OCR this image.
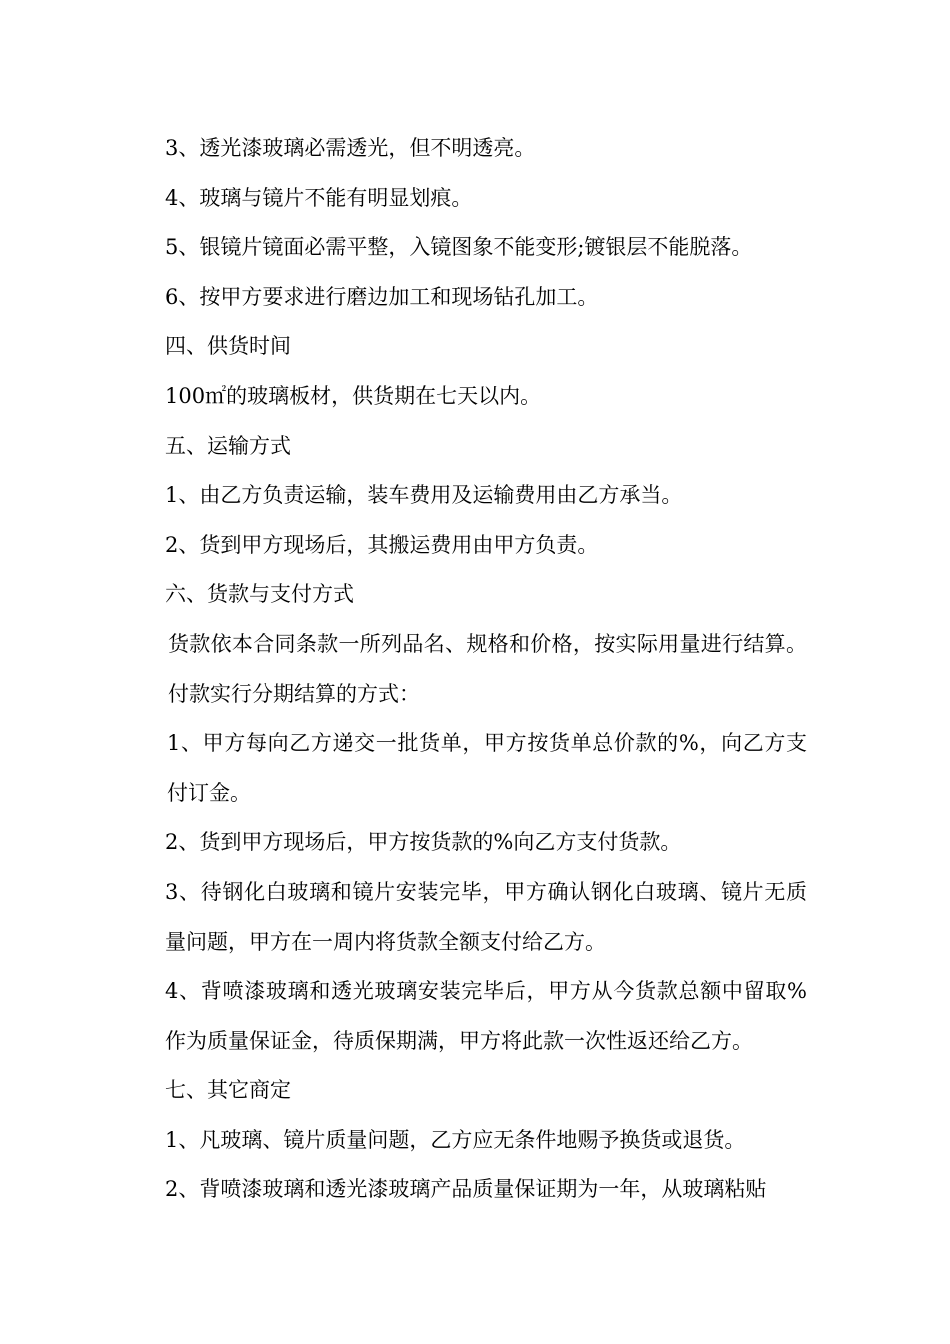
3、透光漆玻璃必需透光，但不明透亮。

4、玻璃与镜片不能有明显划痕。

5、银镜片镜面必需平整，入镜图象不能变形;镀银层不能脱落。

6、按甲方要求进行磨边加工和现场钻孔加工。

四、供货时间

100㎡的玻璃板材，供货期在七天以内。

五、运输方式

1、由乙方负责运输，装车费用及运输费用由乙方承当。

2、货到甲方现场后，其搬运费用由甲方负责。

六、货款与支付方式

货款依本合同条款一所列品名、规格和价格，按实际用量进行结算。付款实行分期结算的方式：

1、甲方每向乙方递交一批货单，甲方按货单总价款的%，向乙方支付订金。

2、货到甲方现场后，甲方按货款的%向乙方支付货款。

3、待钢化白玻璃和镜片安装完毕，甲方确认钢化白玻璃、镜片无质量问题，甲方在一周内将货款全额支付给乙方。

4、背喷漆玻璃和透光玻璃安装完毕后，甲方从今货款总额中留取%作为质量保证金，待质保期满，甲方将此款一次性返还给乙方。

七、其它商定

1、凡玻璃、镜片质量问题，乙方应无条件地赐予换货或退货。

2、背喷漆玻璃和透光漆玻璃产品质量保证期为一年，从玻璃粘贴
